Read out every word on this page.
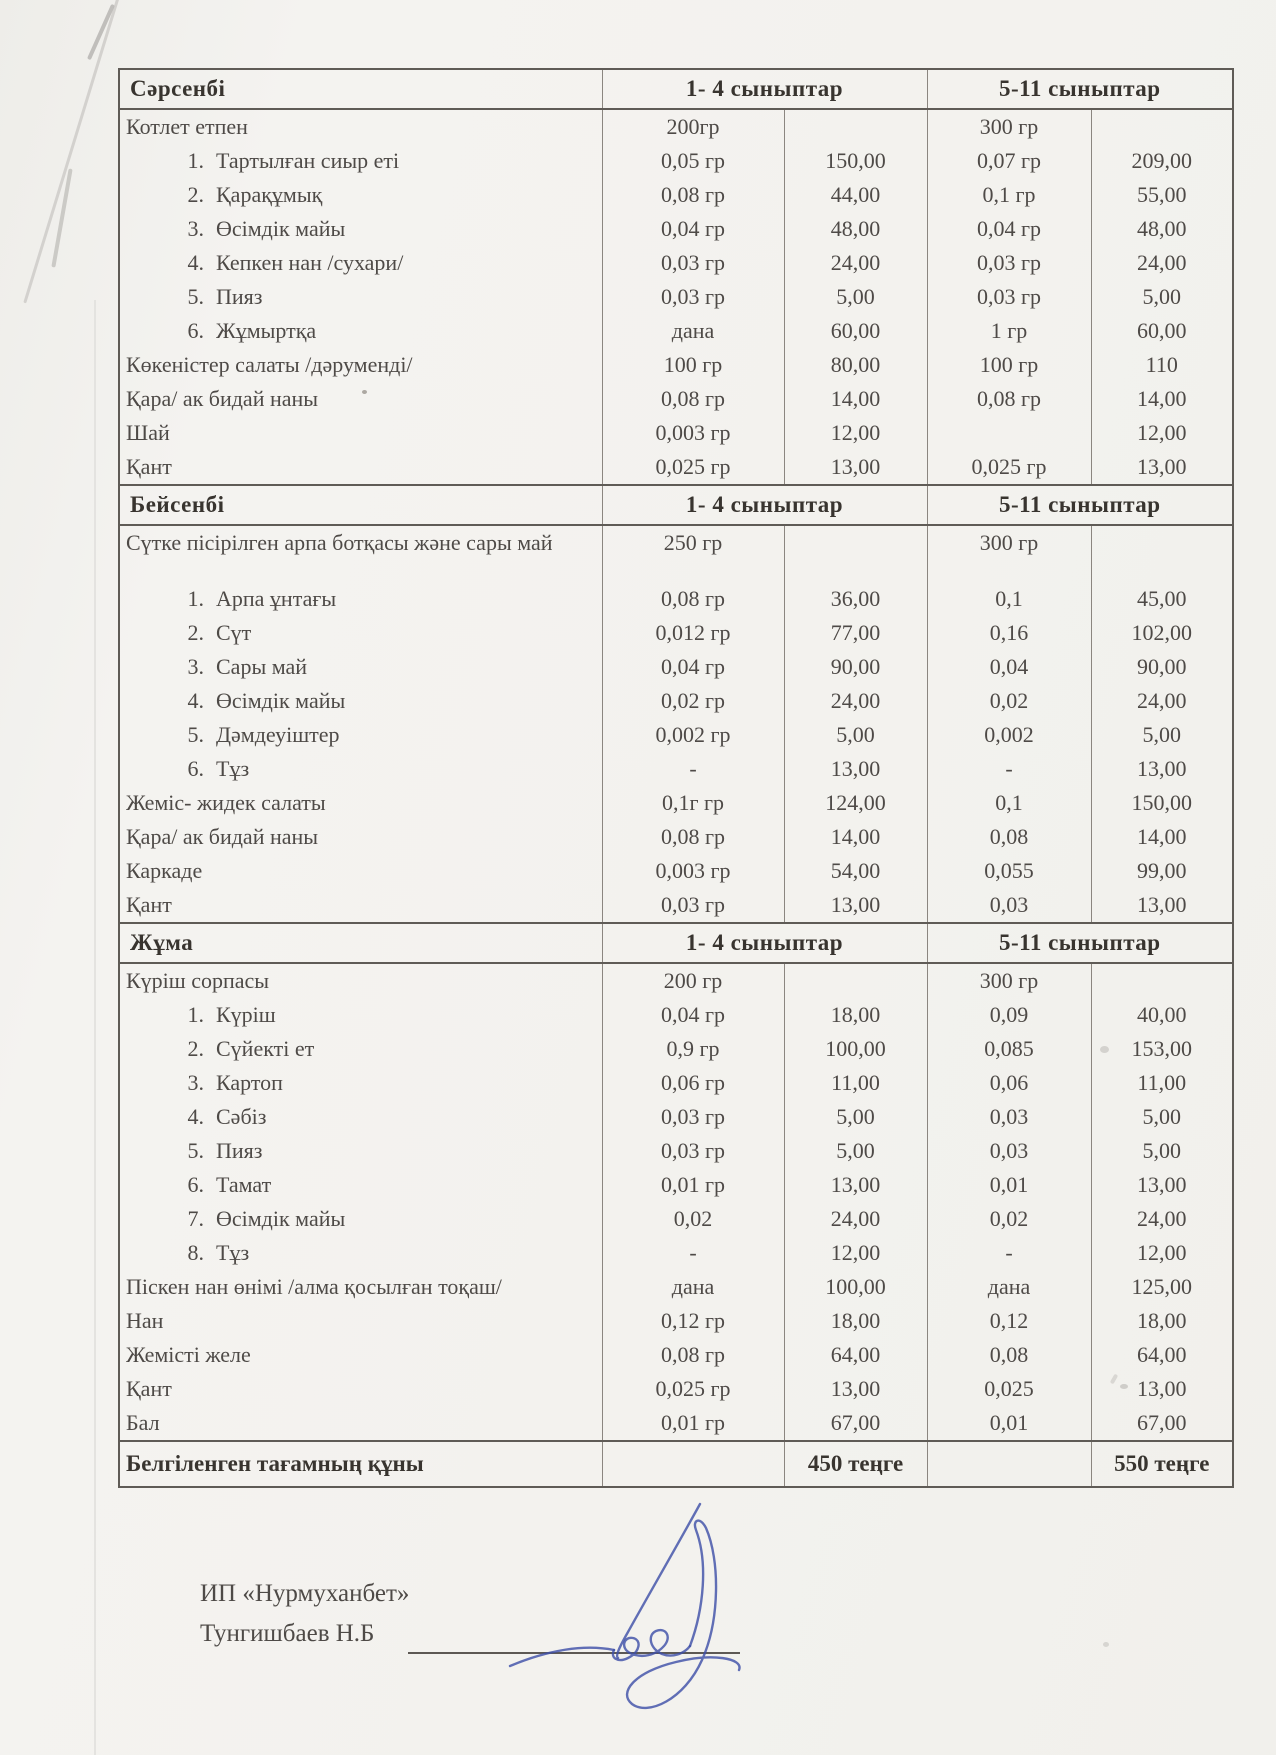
Сәрсенбі	1- 4 сыныптар		5-11 сыныптар	
Котлет етпен	200гр		300 гр	
1. Тартылған сиыр еті	0,05 гр	150,00	0,07 гр	209,00
2. Қарақұмық	0,08 гр	44,00	0,1 гр	55,00
3. Өсімдік майы	0,04 гр	48,00	0,04 гр	48,00
4. Кепкен нан /сухари/	0,03 гр	24,00	0,03 гр	24,00
5. Пияз	0,03 гр	5,00	0,03 гр	5,00
6. Жұмыртқа	дана	60,00	1 гр	60,00
Көкеністер салаты /дәруменді/	100 гр	80,00	100 гр	110
Қара/ ак бидай наны	0,08 гр	14,00	0,08 гр	14,00
Шай	0,003 гр	12,00		12,00
Қант	0,025 гр	13,00	0,025 гр	13,00
Бейсенбі	1- 4 сыныптар		5-11 сыныптар	
Сүтке пісірілген арпа ботқасы және сары май	250 гр		300 гр	
1. Арпа ұнтағы	0,08 гр	36,00	0,1	45,00
2. Сүт	0,012 гр	77,00	0,16	102,00
3. Сары май	0,04 гр	90,00	0,04	90,00
4. Өсімдік майы	0,02 гр	24,00	0,02	24,00
5. Дәмдеуіштер	0,002 гр	5,00	0,002	5,00
6. Тұз	-	13,00	-	13,00
Жеміс- жидек салаты	0,1г гр	124,00	0,1	150,00
Қара/ ак бидай наны	0,08 гр	14,00	0,08	14,00
Каркаде	0,003 гр	54,00	0,055	99,00
Қант	0,03 гр	13,00	0,03	13,00
Жұма	1- 4 сыныптар		5-11 сыныптар	
Күріш сорпасы	200 гр		300 гр	
1. Күріш	0,04 гр	18,00	0,09	40,00
2. Сүйекті ет	0,9 гр	100,00	0,085	153,00
3. Картоп	0,06 гр	11,00	0,06	11,00
4. Сәбіз	0,03 гр	5,00	0,03	5,00
5. Пияз	0,03 гр	5,00	0,03	5,00
6. Тамат	0,01 гр	13,00	0,01	13,00
7. Өсімдік майы	0,02	24,00	0,02	24,00
8. Тұз	-	12,00	-	12,00
Піскен нан өнімі /алма қосылған тоқаш/	дана	100,00	дана	125,00
Нан	0,12 гр	18,00	0,12	18,00
Жемісті желе	0,08 гр	64,00	0,08	64,00
Қант	0,025 гр	13,00	0,025	13,00
Бал	0,01 гр	67,00	0,01	67,00
Белгіленген тағамның құны		450 теңге		550 теңге
ИП «Нурмуханбет»
Тунгишбаев Н.Б
